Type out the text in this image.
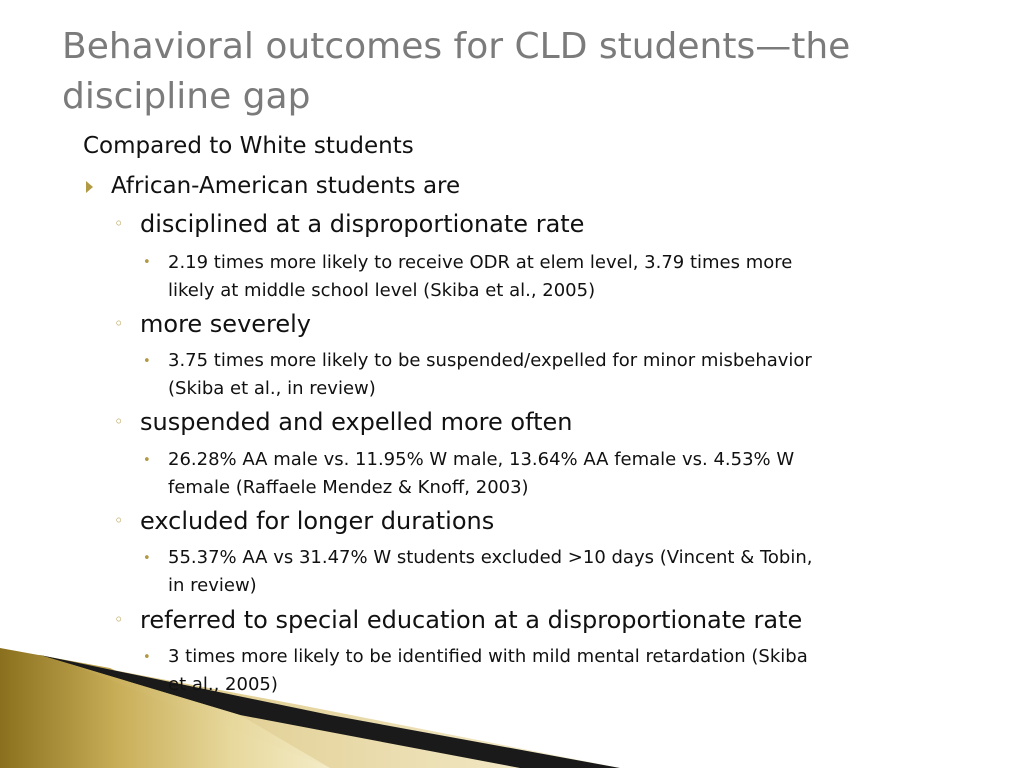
Behavioral outcomes for CLD students—the discipline gap
Compared to White students
African-American students are
◦ disciplined at a disproportionate rate
• 2.19 times more likely to receive ODR at elem level, 3.79 times more
likely at middle school level (Skiba et al., 2005)
◦ more severely
• 3.75 times more likely to be suspended/expelled for minor misbehavior
(Skiba et al., in review)
◦ suspended and expelled more often
• 26.28% AA male vs. 11.95% W male, 13.64% AA female vs. 4.53% W
female (Raffaele Mendez & Knoff, 2003)
◦ excluded for longer durations
• 55.37% AA vs 31.47% W students excluded >10 days (Vincent & Tobin,
in review)
◦ referred to special education at a disproportionate rate
• 3 times more likely to be identified with mild mental retardation (Skiba
et al., 2005)
